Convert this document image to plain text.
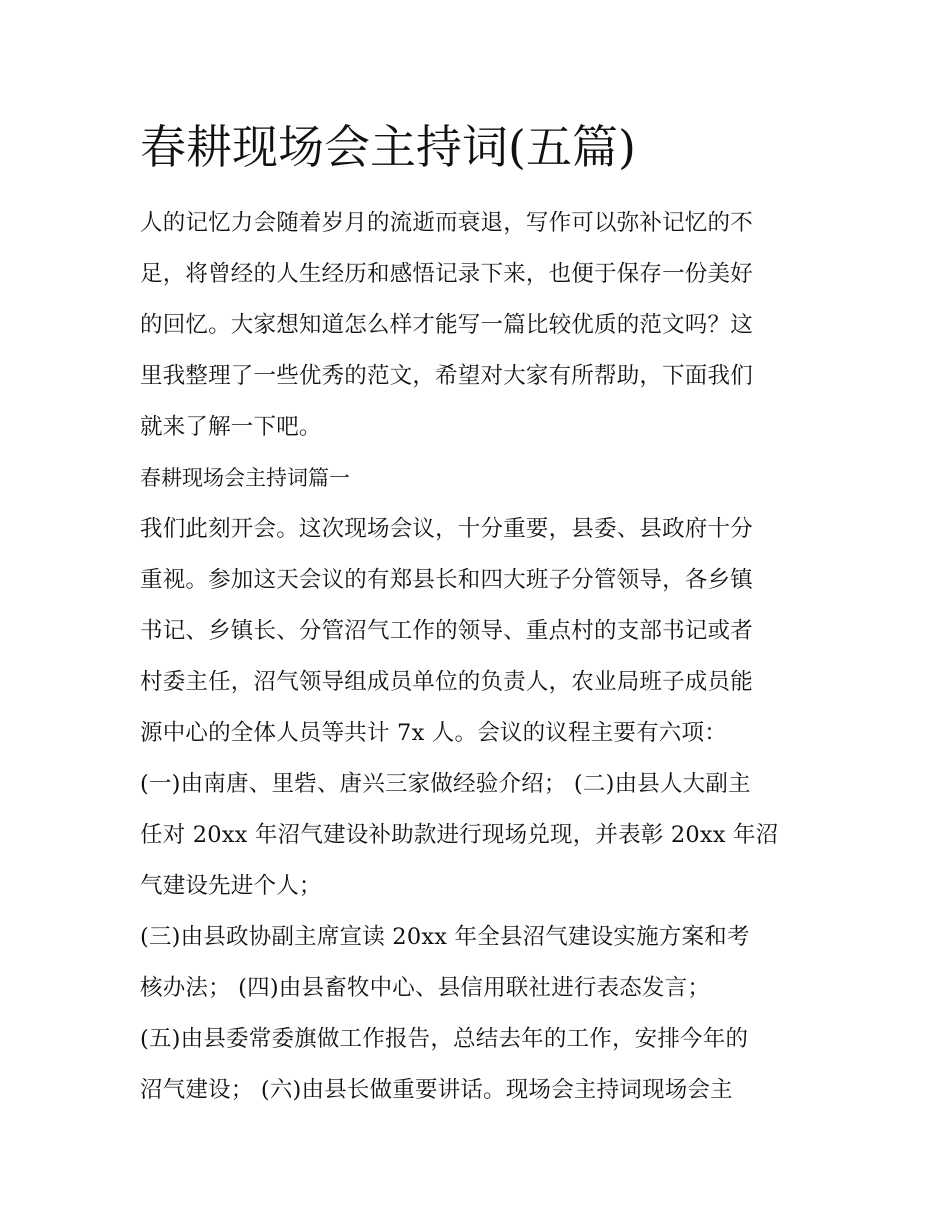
春耕现场会主持词(五篇)

人的记忆力会随着岁月的流逝而衰退，写作可以弥补记忆的不
足，将曾经的人生经历和感悟记录下来，也便于保存一份美好
的回忆。大家想知道怎么样才能写一篇比较优质的范文吗？这
里我整理了一些优秀的范文，希望对大家有所帮助，下面我们
就来了解一下吧。

春耕现场会主持词篇一

我们此刻开会。这次现场会议，十分重要，县委、县政府十分
重视。参加这天会议的有郑县长和四大班子分管领导，各乡镇
书记、乡镇长、分管沼气工作的领导、重点村的支部书记或者
村委主任，沼气领导组成员单位的负责人，农业局班子成员能
源中心的全体人员等共计 7x 人。会议的议程主要有六项：

(一)由南唐、里砦、唐兴三家做经验介绍； (二)由县人大副主
任对 20xx 年沼气建设补助款进行现场兑现，并表彰 20xx 年沼
气建设先进个人；

(三)由县政协副主席宣读 20xx 年全县沼气建设实施方案和考
核办法； (四)由县畜牧中心、县信用联社进行表态发言；

(五)由县委常委旗做工作报告，总结去年的工作，安排今年的
沼气建设； (六)由县长做重要讲话。现场会主持词现场会主
